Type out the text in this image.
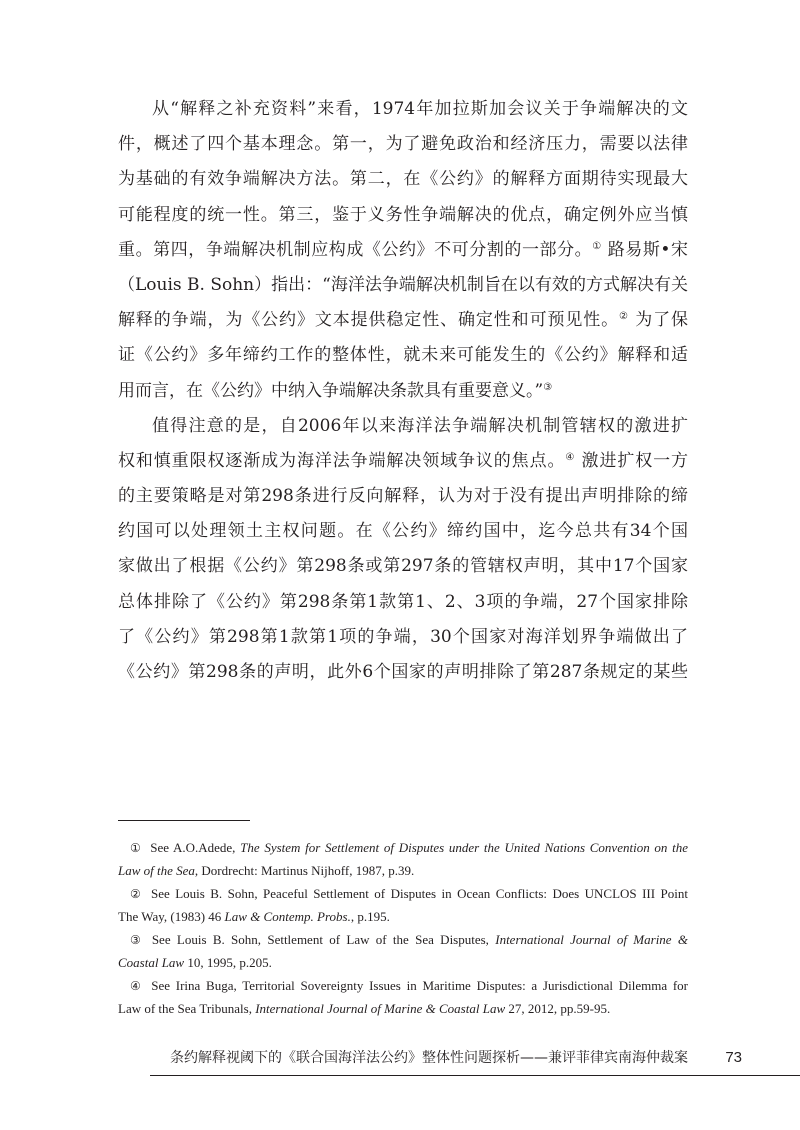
从“解释之补充资料”来看，1974年加拉斯加会议关于争端解决的文
件，概述了四个基本理念。第一，为了避免政治和经济压力，需要以法律
为基础的有效争端解决方法。第二，在《公约》的解释方面期待实现最大
可能程度的统一性。第三，鉴于义务性争端解决的优点，确定例外应当慎
重。第四，争端解决机制应构成《公约》不可分割的一部分。① 路易斯•宋
（Louis B. Sohn）指出：“海洋法争端解决机制旨在以有效的方式解决有关
解释的争端，为《公约》文本提供稳定性、确定性和可预见性。② 为了保
证《公约》多年缔约工作的整体性，就未来可能发生的《公约》解释和适
用而言，在《公约》中纳入争端解决条款具有重要意义。”③
值得注意的是，自2006年以来海洋法争端解决机制管辖权的激进扩
权和慎重限权逐渐成为海洋法争端解决领域争议的焦点。④ 激进扩权一方
的主要策略是对第298条进行反向解释，认为对于没有提出声明排除的缔
约国可以处理领土主权问题。在《公约》缔约国中，迄今总共有34个国
家做出了根据《公约》第298条或第297条的管辖权声明，其中17个国家
总体排除了《公约》第298条第1款第1、2、3项的争端，27个国家排除
了《公约》第298第1款第1项的争端，30个国家对海洋划界争端做出了
《公约》第298条的声明，此外6个国家的声明排除了第287条规定的某些
① See A.O.Adede, The System for Settlement of Disputes under the United Nations Convention on the
Law of the Sea, Dordrecht: Martinus Nijhoff, 1987, p.39.
② See Louis B. Sohn, Peaceful Settlement of Disputes in Ocean Conflicts: Does UNCLOS III Point
The Way, (1983) 46 Law & Contemp. Probs., p.195.
③ See Louis B. Sohn, Settlement of Law of the Sea Disputes, International Journal of Marine &
Coastal Law 10, 1995, p.205.
④ See Irina Buga, Territorial Sovereignty Issues in Maritime Disputes: a Jurisdictional Dilemma for
Law of the Sea Tribunals, International Journal of Marine & Coastal Law 27, 2012, pp.59-95.
条约解释视阈下的《联合国海洋法公约》整体性问题探析——兼评菲律宾南海仲裁案 73
